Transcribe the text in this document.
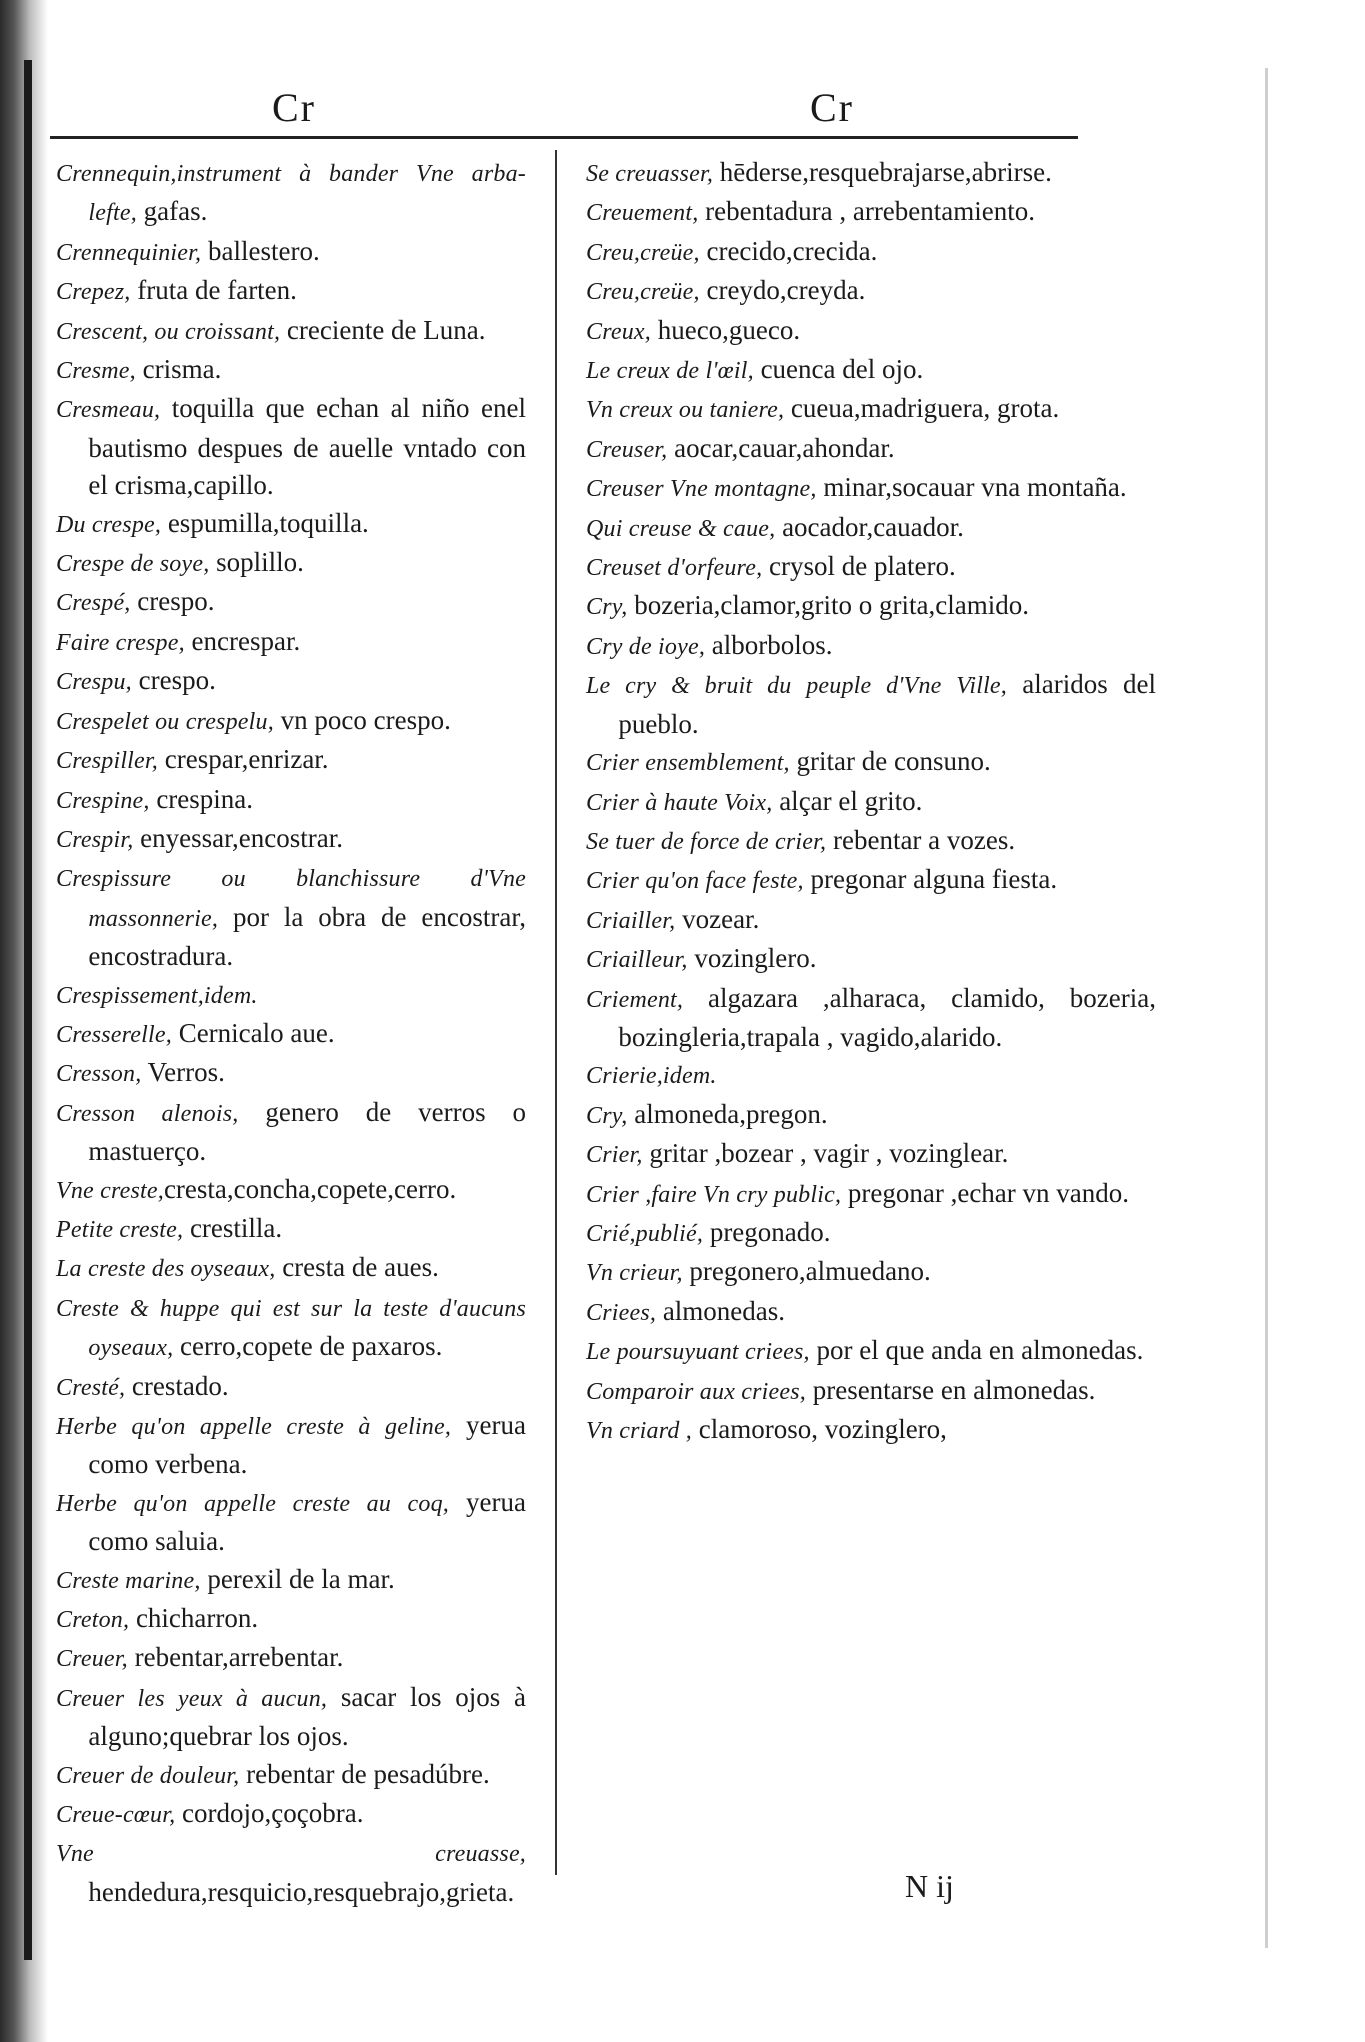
Cr	Cr

Crennequin,instrument à bander Vne arba-lefte, gafas.

Crennequinier, ballestero.

Crepez, fruta de farten.

Crescent, ou croissant, creciente de Luna.

Cresme, crisma.

Cresmeau, toquilla que echan al niño enel bautismo despues de auelle vntado con el crisma,capillo.

Du crespe, espumilla,toquilla.

Crespe de soye, soplillo.

Crespé, crespo.

Faire crespe, encrespar.

Crespu, crespo.

Crespelet ou crespelu, vn poco crespo.

Crespiller, crespar,enrizar.

Crespine, crespina.

Crespir, enyessar,encostrar.

Crespissure ou blanchissure d'Vne massonnerie, por la obra de encostrar, encostradura.

Crespissement,idem.

Cresserelle, Cernicalo aue.

Cresson, Verros.

Cresson alenois, genero de verros o mastuerço.

Vne creste,cresta,concha,copete,cerro.

Petite creste, crestilla.

La creste des oyseaux, cresta de aues.

Creste & huppe qui est sur la teste d'aucuns oyseaux, cerro,copete de paxaros.

Cresté, crestado.

Herbe qu'on appelle creste à geline, yerua como verbena.

Herbe qu'on appelle creste au coq, yerua como saluia.

Creste marine, perexil de la mar.

Creton, chicharron.

Creuer, rebentar,arrebentar.

Creuer les yeux à aucun, sacar los ojos à alguno;quebrar los ojos.

Creuer de douleur, rebentar de pesadúbre.

Creue-cœur, cordojo,çoçobra.

Vne creuasse, hendedura,resquicio,resquebrajo,grieta.

Se creuasser, hēderse,resquebrajarse,abrirse.

Creuement, rebentadura , arrebentamiento.

Creu,creüe, crecido,crecida.

Creu,creüe, creydo,creyda.

Creux, hueco,gueco.

Le creux de l'œil, cuenca del ojo.

Vn creux ou taniere, cueua,madriguera, grota.

Creuser, aocar,cauar,ahondar.

Creuser Vne montagne, minar,socauar vna montaña.

Qui creuse & caue, aocador,cauador.

Creuset d'orfeure, crysol de platero.

Cry, bozeria,clamor,grito o grita,clamido.

Cry de ioye, alborbolos.

Le cry & bruit du peuple d'Vne Ville, alaridos del pueblo.

Crier ensemblement, gritar de consuno.

Crier à haute Voix, alçar el grito.

Se tuer de force de crier, rebentar a vozes.

Crier qu'on face feste, pregonar alguna fiesta.

Criailler, vozear.

Criailleur, vozinglero.

Criement, algazara ,alharaca, clamido, bozeria, bozingleria,trapala , vagido,alarido.

Crierie,idem.

Cry, almoneda,pregon.

Crier, gritar ,bozear , vagir , vozinglear.

Crier ,faire Vn cry public, pregonar ,echar vn vando.

Crié,publié, pregonado.

Vn crieur, pregonero,almuedano.

Criees, almonedas.

Le poursuyuant criees, por el que anda en almonedas.

Comparoir aux criees, presentarse en almonedas.

Vn criard , clamoroso, vozinglero,

N ij
